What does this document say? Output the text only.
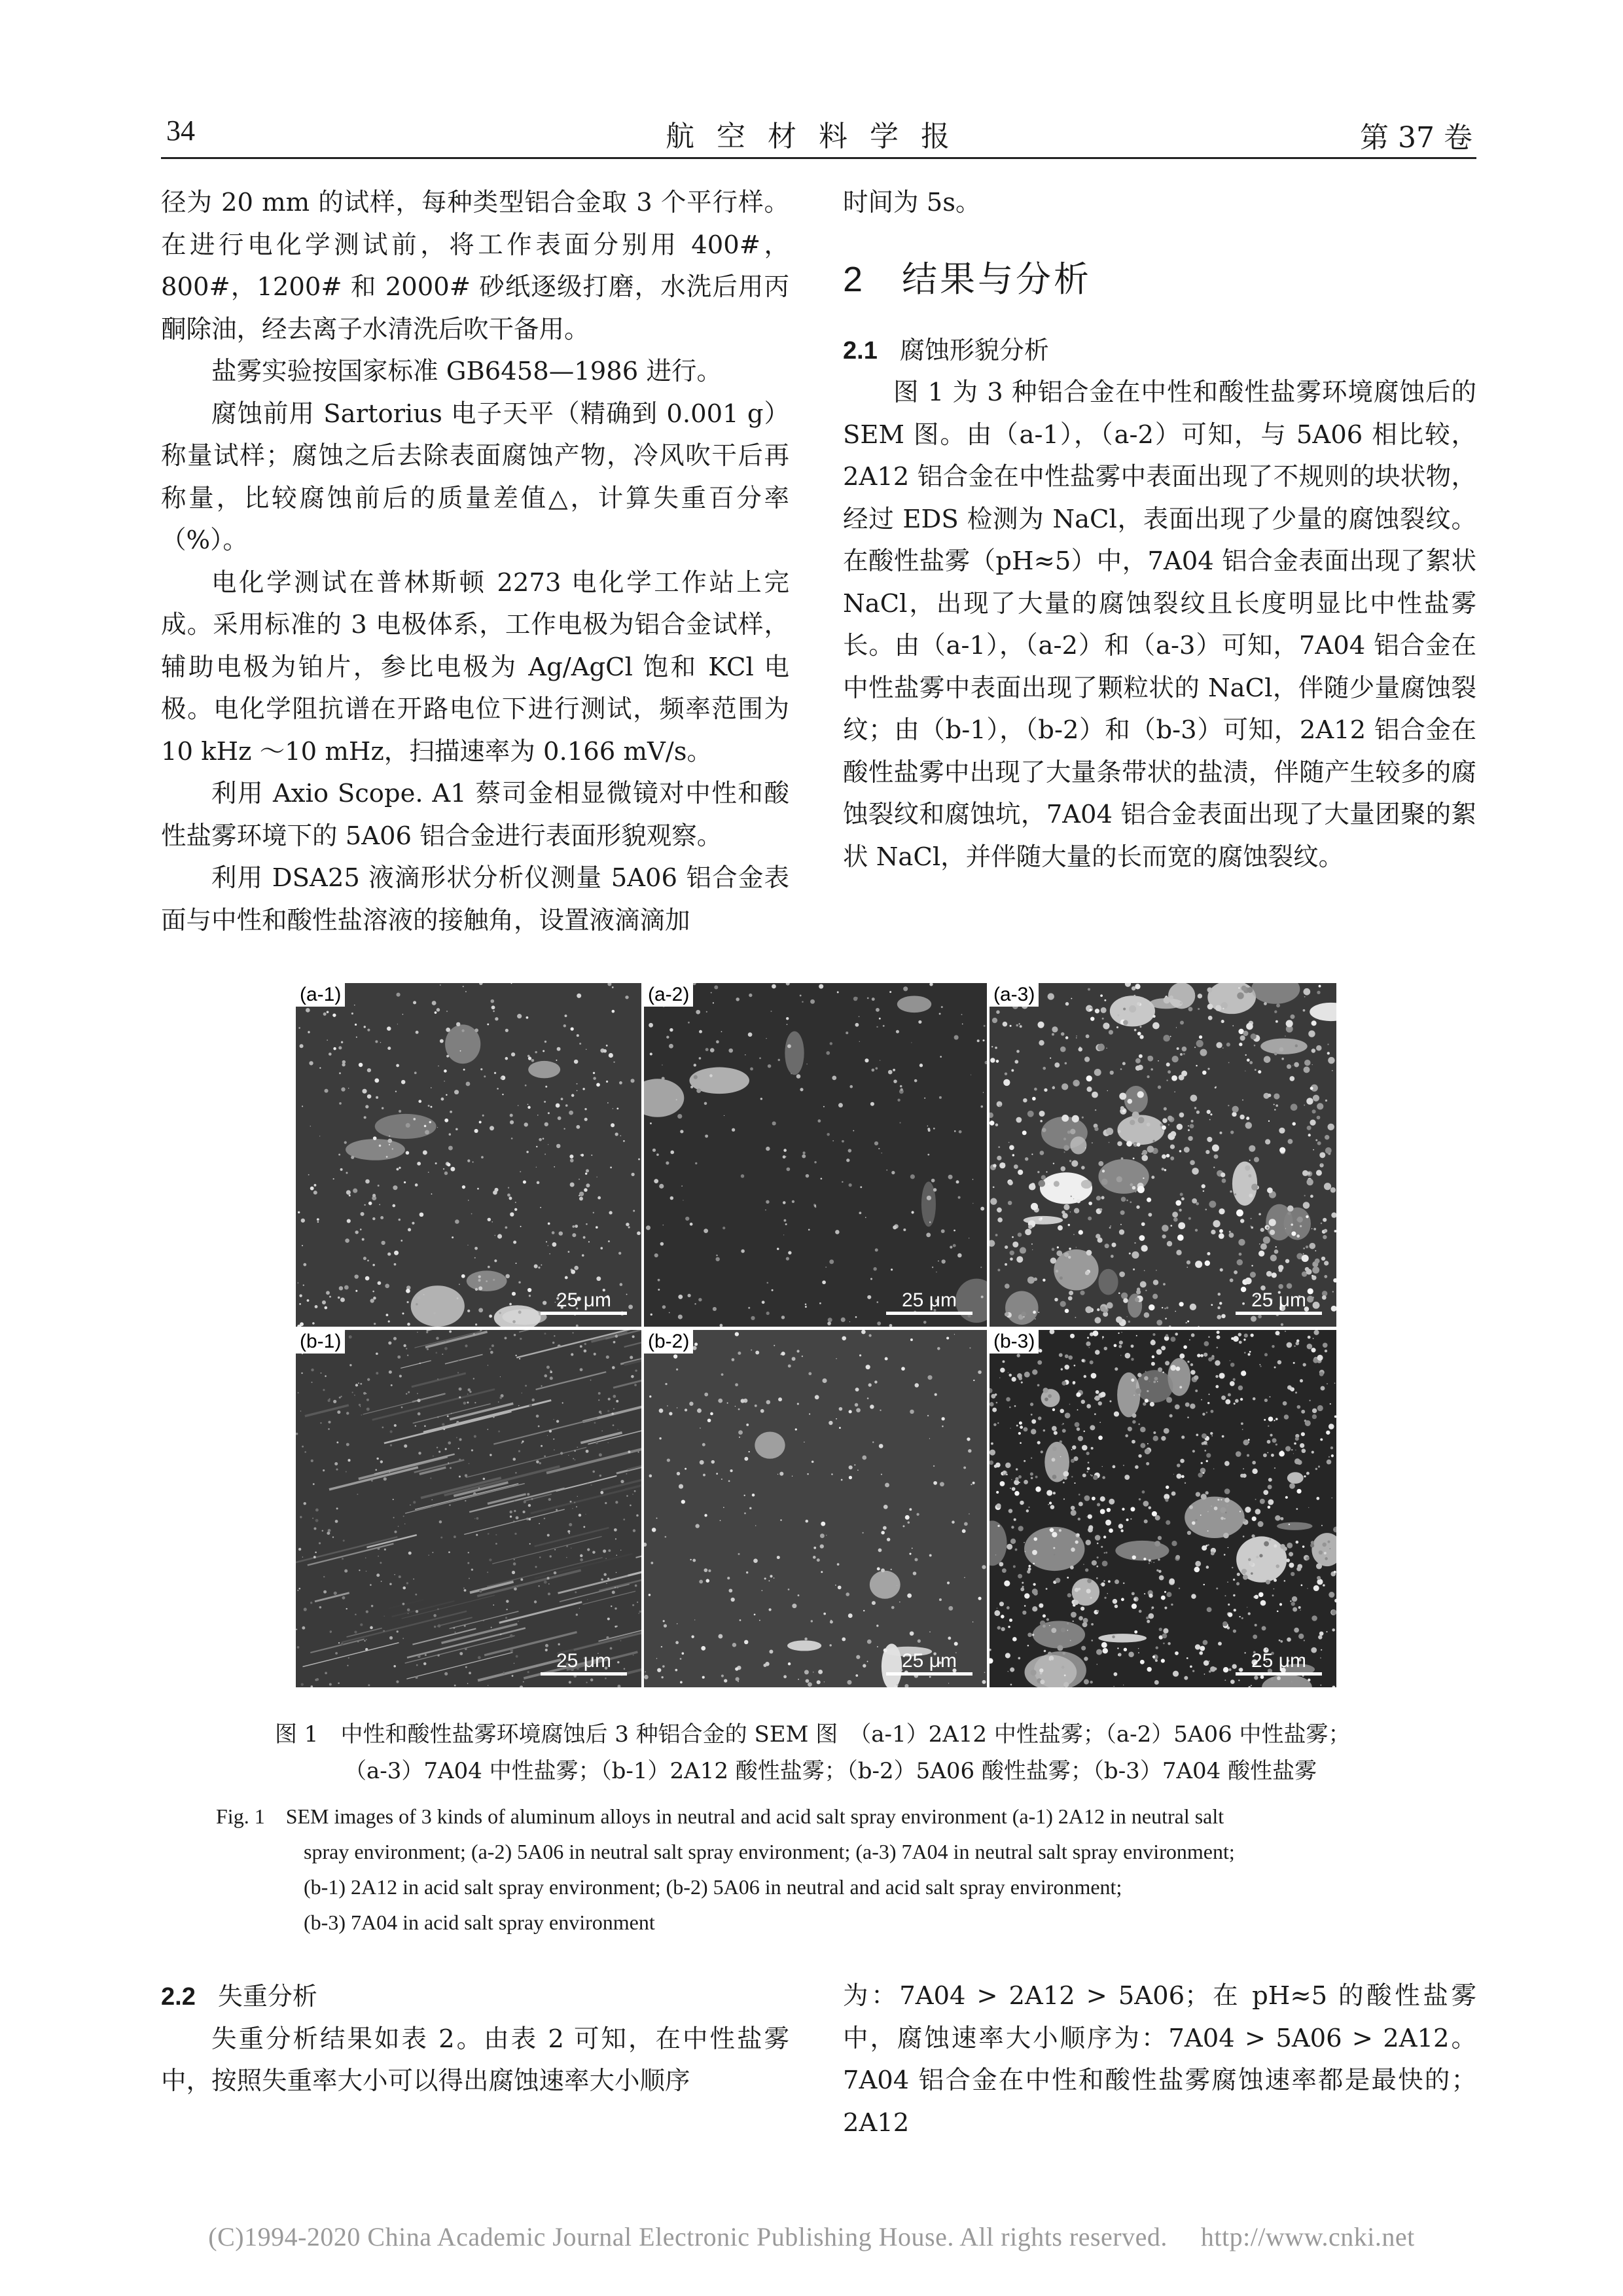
34	航空材料学报	第 37 卷

径为 20 mm 的试样，每种类型铝合金取 3 个平行样。在进行电化学测试前，将工作表面分别用 400#，800#，1200# 和 2000# 砂纸逐级打磨，水洗后用丙酮除油，经去离子水清洗后吹干备用。

盐雾实验按国家标准 GB6458—1986 进行。

腐蚀前用 Sartorius 电子天平（精确到 0.001 g）称量试样；腐蚀之后去除表面腐蚀产物，冷风吹干后再称量，比较腐蚀前后的质量差值△，计算失重百分率（%）。

电化学测试在普林斯顿 2273 电化学工作站上完成。采用标准的 3 电极体系，工作电极为铝合金试样，辅助电极为铂片，参比电极为 Ag/AgCl 饱和 KCl 电极。电化学阻抗谱在开路电位下进行测试，频率范围为 10 kHz ～10 mHz，扫描速率为 0.166 mV/s。

利用 Axio Scope. A1 蔡司金相显微镜对中性和酸性盐雾环境下的 5A06 铝合金进行表面形貌观察。

利用 DSA25 液滴形状分析仪测量 5A06 铝合金表面与中性和酸性盐溶液的接触角，设置液滴滴加

时间为 5s。

2 结果与分析

2.1 腐蚀形貌分析

图 1 为 3 种铝合金在中性和酸性盐雾环境腐蚀后的 SEM 图。由（a-1），（a-2）可知，与 5A06 相比较，2A12 铝合金在中性盐雾中表面出现了不规则的块状物，经过 EDS 检测为 NaCl，表面出现了少量的腐蚀裂纹。在酸性盐雾（pH≈5）中，7A04 铝合金表面出现了絮状 NaCl，出现了大量的腐蚀裂纹且长度明显比中性盐雾长。由（a-1），（a-2）和（a-3）可知，7A04 铝合金在中性盐雾中表面出现了颗粒状的 NaCl，伴随少量腐蚀裂纹；由（b-1），（b-2）和（b-3）可知，2A12 铝合金在酸性盐雾中出现了大量条带状的盐渍，伴随产生较多的腐蚀裂纹和腐蚀坑，7A04 铝合金表面出现了大量团聚的絮状 NaCl，并伴随大量的长而宽的腐蚀裂纹。

(a-1)
25 μm
(a-2)
25 μm
(a-3)
25 μm
(b-1)
25 μm
(b-2)
25 μm
(b-3)
25 μm
图 1　中性和酸性盐雾环境腐蚀后 3 种铝合金的 SEM 图　（a-1）2A12 中性盐雾；（a-2）5A06 中性盐雾；
（a-3）7A04 中性盐雾；（b-1）2A12 酸性盐雾；（b-2）5A06 酸性盐雾；（b-3）7A04 酸性盐雾
Fig. 1　SEM images of 3 kinds of aluminum alloys in neutral and acid salt spray environment (a-1) 2A12 in neutral salt
spray environment; (a-2) 5A06 in neutral salt spray environment; (a-3) 7A04 in neutral salt spray environment;
(b-1) 2A12 in acid salt spray environment; (b-2) 5A06 in neutral and acid salt spray environment;
(b-3) 7A04 in acid salt spray environment

2.2 失重分析

失重分析结果如表 2。由表 2 可知，在中性盐雾中，按照失重率大小可以得出腐蚀速率大小顺序

为：7A04 > 2A12 > 5A06；在 pH≈5 的酸性盐雾中，腐蚀速率大小顺序为：7A04 > 5A06 > 2A12。7A04 铝合金在中性和酸性盐雾腐蚀速率都是最快的；2A12

(C)1994-2020 China Academic Journal Electronic Publishing House. All rights reserved.　 http://www.cnki.net
